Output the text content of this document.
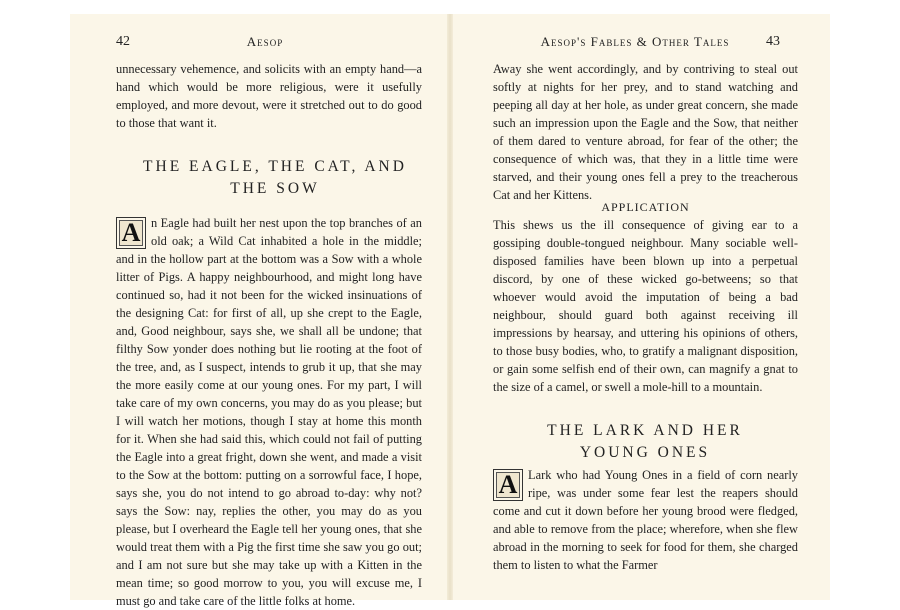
42	Aesop
unnecessary vehemence, and solicits with an empty hand—a hand which would be more religious, were it usefully employed, and more devout, were it stretched out to do good to those that want it.
THE EAGLE, THE CAT, AND THE SOW
A n Eagle had built her nest upon the top branches of an old oak; a Wild Cat inhabited a hole in the middle; and in the hollow part at the bottom was a Sow with a whole litter of Pigs. A happy neighbourhood, and might long have continued so, had it not been for the wicked insinuations of the designing Cat: for first of all, up she crept to the Eagle, and, Good neighbour, says she, we shall all be undone; that filthy Sow yonder does nothing but lie rooting at the foot of the tree, and, as I suspect, intends to grub it up, that she may the more easily come at our young ones. For my part, I will take care of my own concerns, you may do as you please; but I will watch her motions, though I stay at home this month for it. When she had said this, which could not fail of putting the Eagle into a great fright, down she went, and made a visit to the Sow at the bottom: putting on a sorrowful face, I hope, says she, you do not intend to go abroad to-day: why not? says the Sow: nay, replies the other, you may do as you please, but I overheard the Eagle tell her young ones, that she would treat them with a Pig the first time she saw you go out; and I am not sure but she may take up with a Kitten in the mean time; so good morrow to you, you will excuse me, I must go and take care of the little folks at home.
Aesop's Fables & Other Tales	43
Away she went accordingly, and by contriving to steal out softly at nights for her prey, and to stand watching and peeping all day at her hole, as under great concern, she made such an impression upon the Eagle and the Sow, that neither of them dared to venture abroad, for fear of the other; the consequence of which was, that they in a little time were starved, and their young ones fell a prey to the treacherous Cat and her Kittens.
APPLICATION
This shews us the ill consequence of giving ear to a gossiping double-tongued neighbour. Many sociable well-disposed families have been blown up into a perpetual discord, by one of these wicked go-betweens; so that whoever would avoid the imputation of being a bad neighbour, should guard both against receiving ill impressions by hearsay, and uttering his opinions of others, to those busy bodies, who, to gratify a malignant disposition, or gain some selfish end of their own, can magnify a gnat to the size of a camel, or swell a mole-hill to a mountain.
THE LARK AND HER YOUNG ONES
A Lark who had Young Ones in a field of corn nearly ripe, was under some fear lest the reapers should come and cut it down before her young brood were fledged, and able to remove from the place; wherefore, when she flew abroad in the morning to seek for food for them, she charged them to listen to what the Farmer
